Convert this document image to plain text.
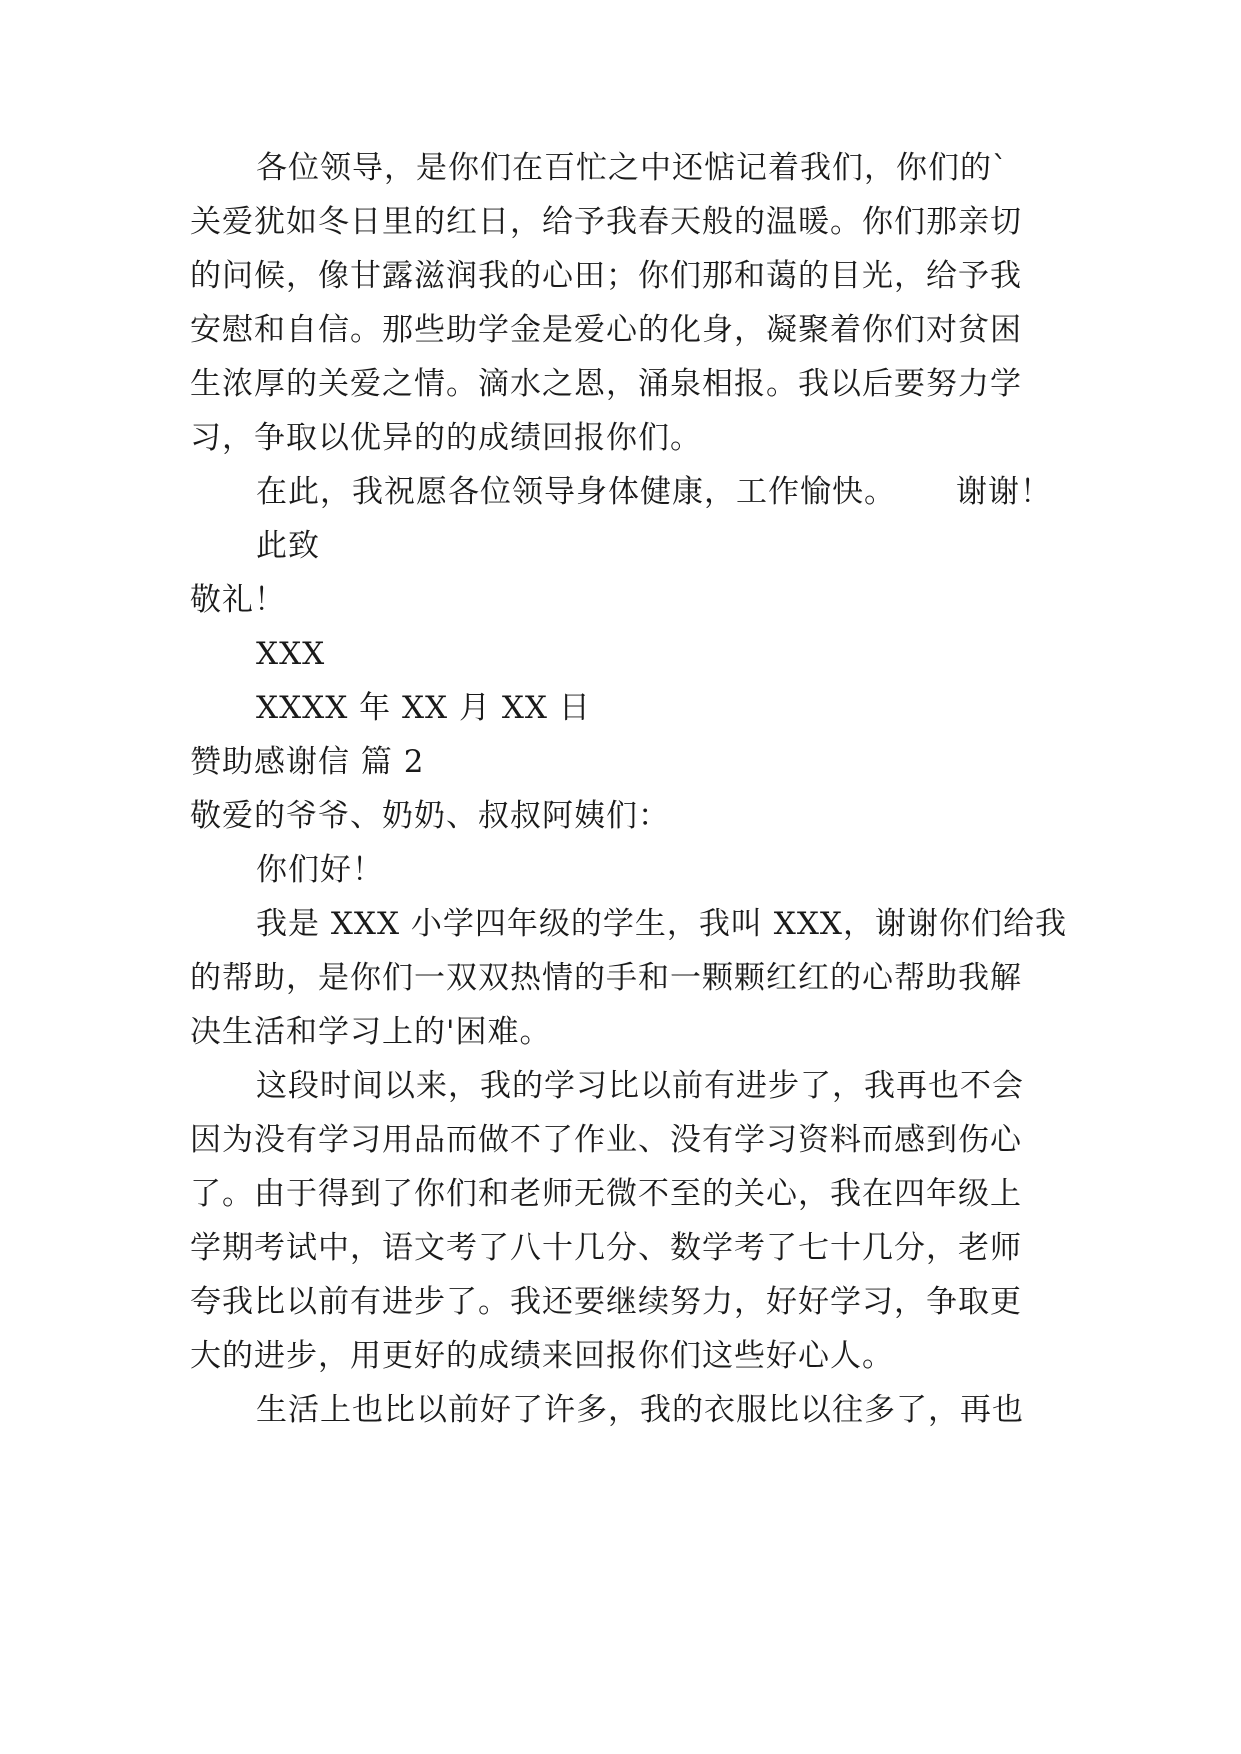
各位领导，是你们在百忙之中还惦记着我们，你们的`
关爱犹如冬日里的红日，给予我春天般的温暖。你们那亲切
的问候，像甘露滋润我的心田；你们那和蔼的目光，给予我
安慰和自信。那些助学金是爱心的化身，凝聚着你们对贫困
生浓厚的关爱之情。滴水之恩，涌泉相报。我以后要努力学
习，争取以优异的的成绩回报你们。
在此，我祝愿各位领导身体健康，工作愉快。 谢谢！
此致
敬礼！
XXX
XXXX 年 XX 月 XX 日
赞助感谢信 篇 2
敬爱的爷爷、奶奶、叔叔阿姨们：
你们好！
我是 XXX 小学四年级的学生，我叫 XXX，谢谢你们给我
的帮助，是你们一双双热情的手和一颗颗红红的心帮助我解
决生活和学习上的'困难。
这段时间以来，我的学习比以前有进步了，我再也不会
因为没有学习用品而做不了作业、没有学习资料而感到伤心
了。由于得到了你们和老师无微不至的关心，我在四年级上
学期考试中，语文考了八十几分、数学考了七十几分，老师
夸我比以前有进步了。我还要继续努力，好好学习，争取更
大的进步，用更好的成绩来回报你们这些好心人。
生活上也比以前好了许多，我的衣服比以往多了，再也
